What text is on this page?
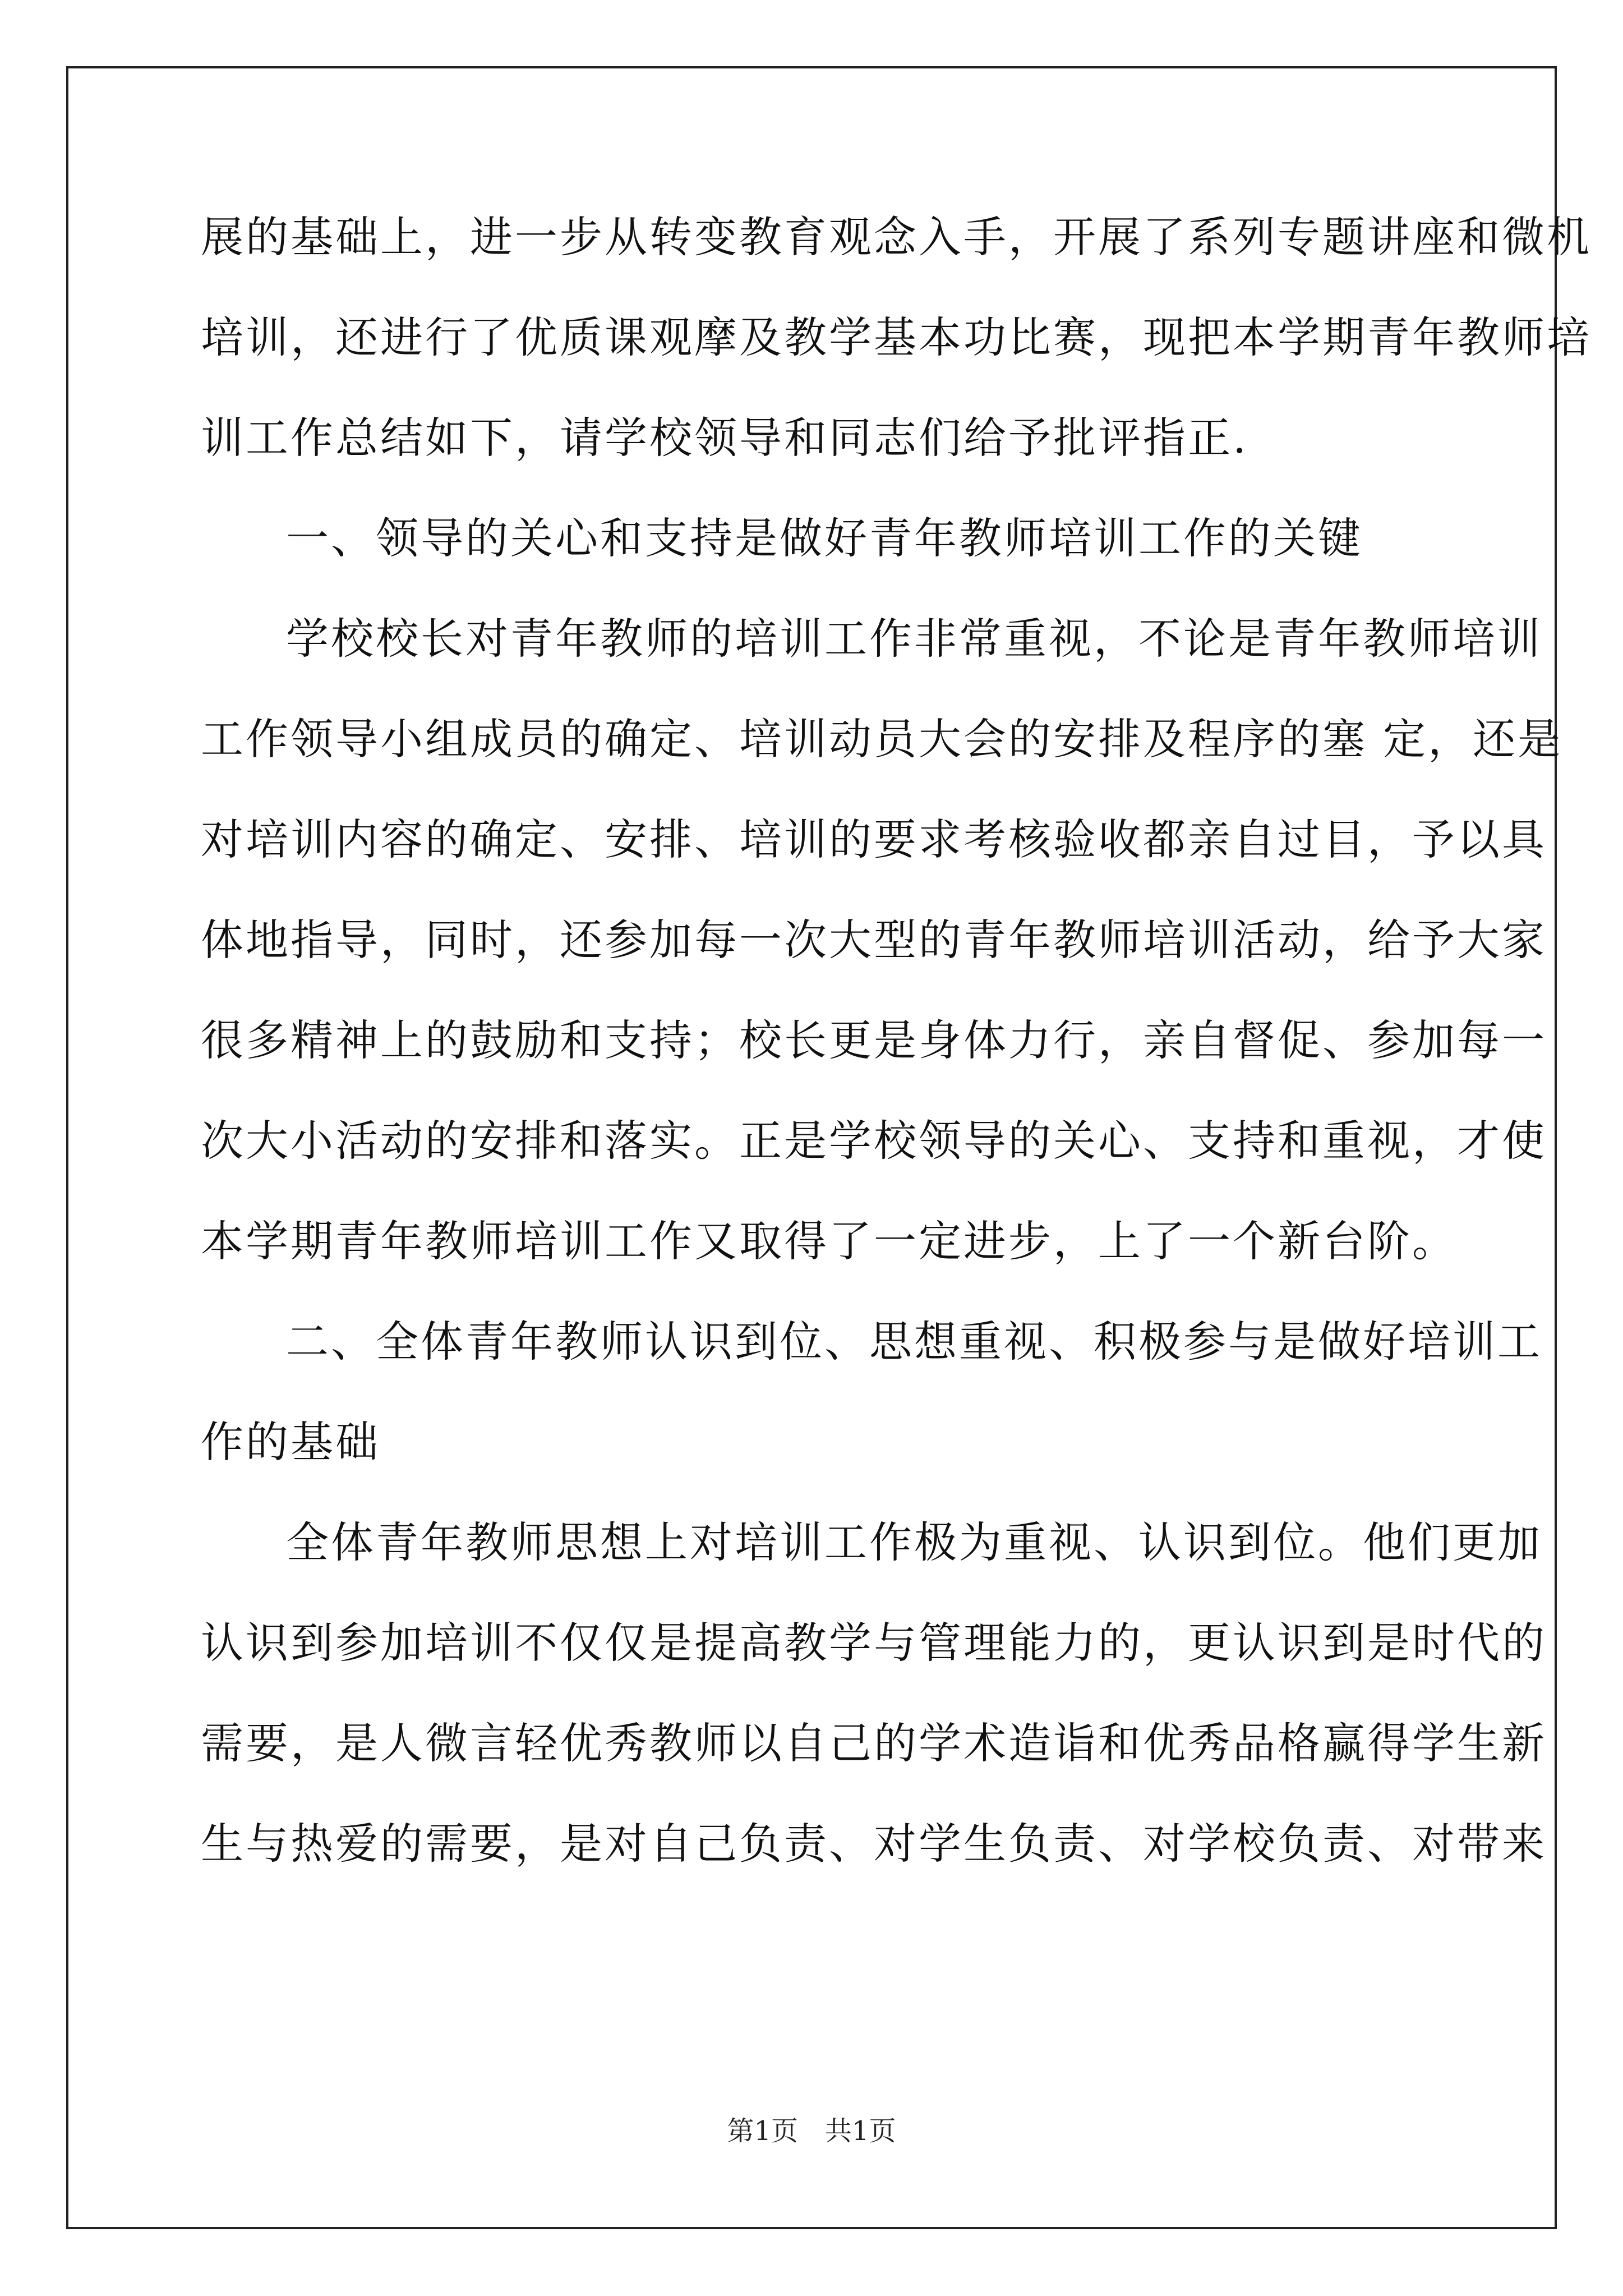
展的基础上，进一步从转变教育观念入手，开展了系列专题讲座和微机
培训，还进行了优质课观摩及教学基本功比赛，现把本学期青年教师培
训工作总结如下，请学校领导和同志们给予批评指正.
一、领导的关心和支持是做好青年教师培训工作的关键
学校校长对青年教师的培训工作非常重视，不论是青年教师培训
工作领导小组成员的确定、培训动员大会的安排及程序的塞 定，还是
对培训内容的确定、安排、培训的要求考核验收都亲自过目，予以具
体地指导，同时，还参加每一次大型的青年教师培训活动，给予大家
很多精神上的鼓励和支持；校长更是身体力行，亲自督促、参加每一
次大小活动的安排和落实。正是学校领导的关心、支持和重视，才使
本学期青年教师培训工作又取得了一定进步，上了一个新台阶。
二、全体青年教师认识到位、思想重视、积极参与是做好培训工
作的基础
全体青年教师思想上对培训工作极为重视、认识到位。他们更加
认识到参加培训不仅仅是提高教学与管理能力的，更认识到是时代的
需要，是人微言轻优秀教师以自己的学术造诣和优秀品格赢得学生新
生与热爱的需要，是对自己负责、对学生负责、对学校负责、对带来
第1页　共1页
